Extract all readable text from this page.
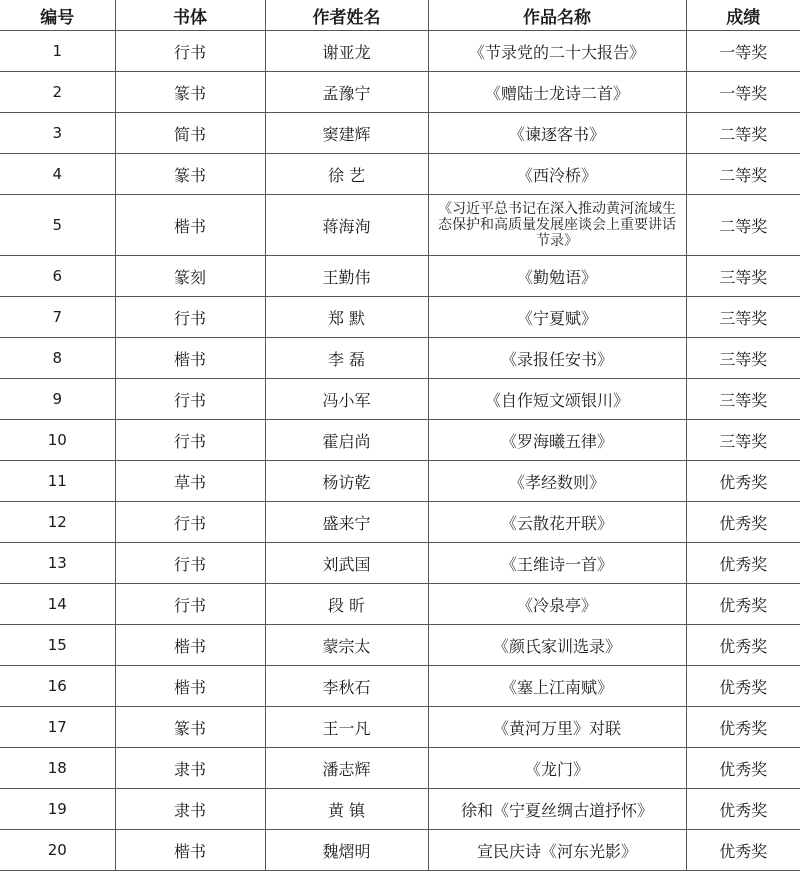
编号	书体	作者姓名	作品名称	成绩
1	行书	谢亚龙	《节录党的二十大报告》	一等奖
2	篆书	孟豫宁	《赠陆士龙诗二首》	一等奖
3	简书	窦建辉	《谏逐客书》	二等奖
4	篆书	徐 艺	《西泠桥》	二等奖
5	楷书	蒋海洵	《习近平总书记在深入推动黄河流域生态保护和高质量发展座谈会上重要讲话节录》	二等奖
6	篆刻	王勤伟	《勤勉语》	三等奖
7	行书	郑 默	《宁夏赋》	三等奖
8	楷书	李 磊	《录报任安书》	三等奖
9	行书	冯小军	《自作短文颂银川》	三等奖
10	行书	霍启尚	《罗海曦五律》	三等奖
11	草书	杨访乾	《孝经数则》	优秀奖
12	行书	盛来宁	《云散花开联》	优秀奖
13	行书	刘武国	《王维诗一首》	优秀奖
14	行书	段 昕	《冷泉亭》	优秀奖
15	楷书	蒙宗太	《颜氏家训选录》	优秀奖
16	楷书	李秋石	《塞上江南赋》	优秀奖
17	篆书	王一凡	《黄河万里》对联	优秀奖
18	隶书	潘志辉	《龙门》	优秀奖
19	隶书	黄 镇	徐和《宁夏丝绸古道抒怀》	优秀奖
20	楷书	魏熠明	宣民庆诗《河东光影》	优秀奖
